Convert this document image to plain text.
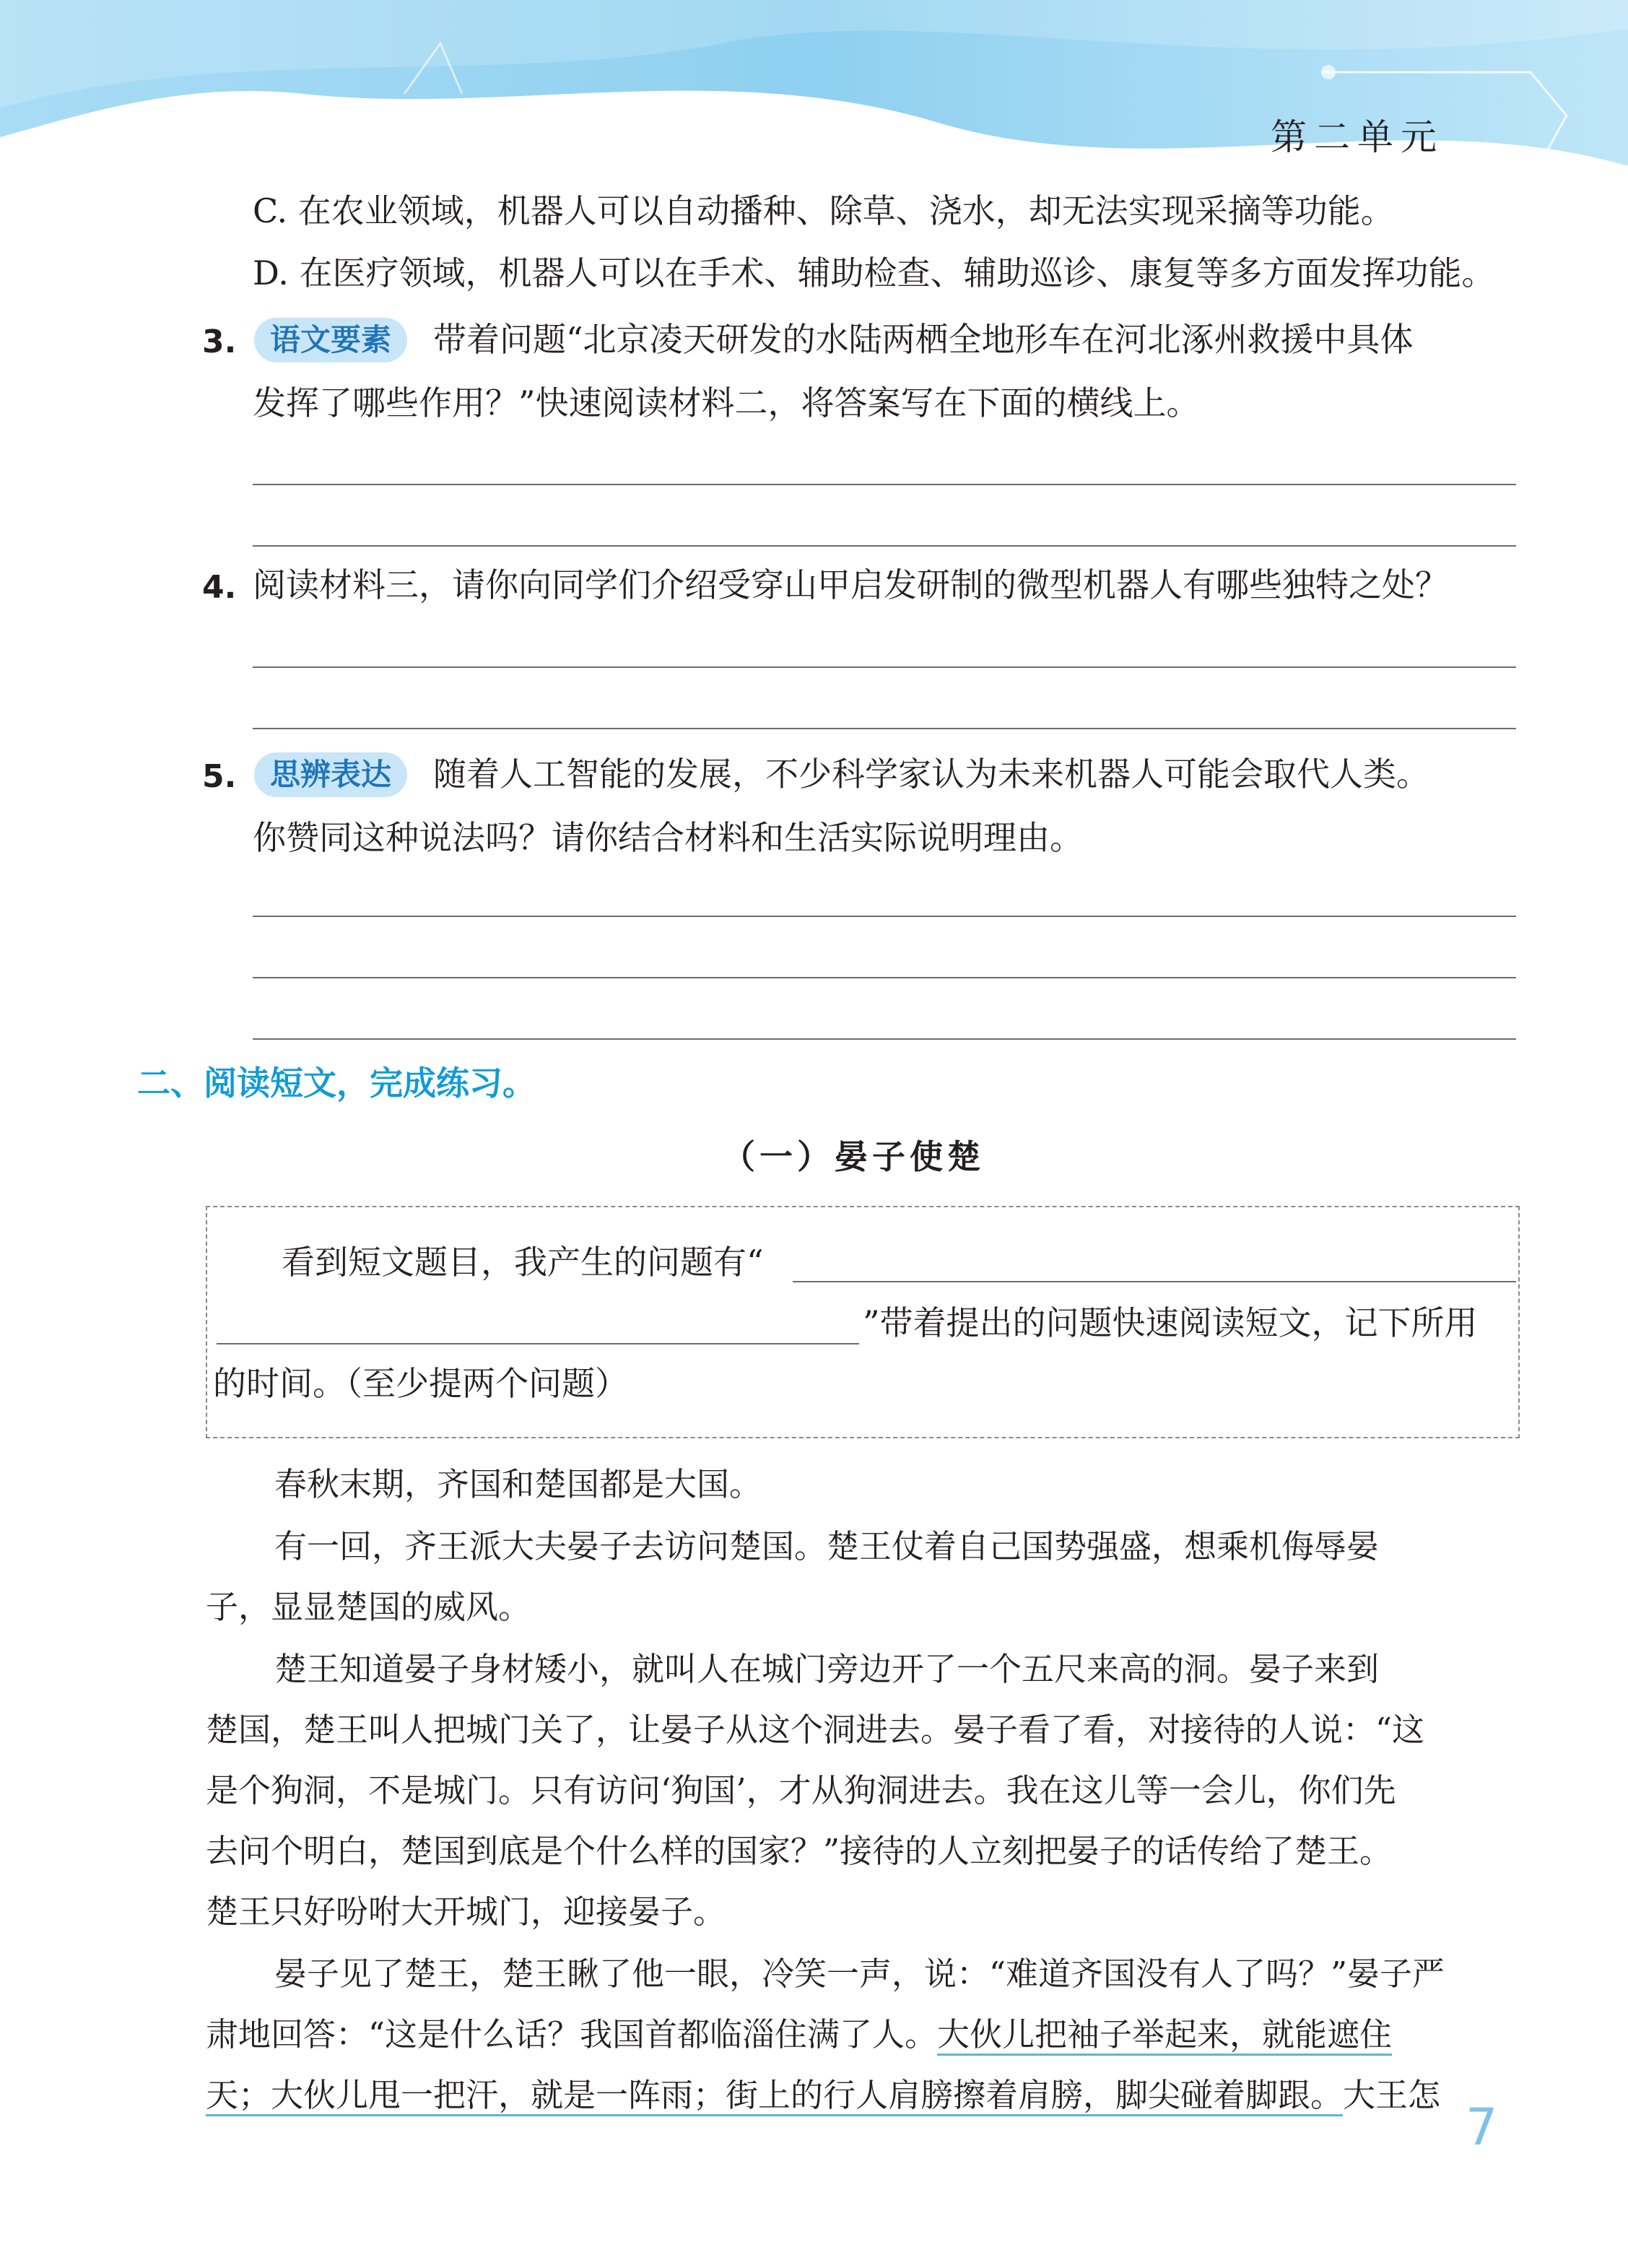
第二单元
C. 在农业领域，机器人可以自动播种、除草、浇水，却无法实现采摘等功能。
D. 在医疗领域，机器人可以在手术、辅助检查、辅助巡诊、康复等多方面发挥功能。
3.	语文要素	带着问题“北京凌天研发的水陆两栖全地形车在河北涿州救援中具体
发挥了哪些作用？”快速阅读材料二，将答案写在下面的横线上。
4. 阅读材料三，请你向同学们介绍受穿山甲启发研制的微型机器人有哪些独特之处？
5.	思辨表达	随着人工智能的发展，不少科学家认为未来机器人可能会取代人类。
你赞同这种说法吗？请你结合材料和生活实际说明理由。
二、阅读短文，完成练习。
（一）晏子使楚
看到短文题目，我产生的问题有“
”带着提出的问题快速阅读短文，记下所用
的时间。（至少提两个问题）
春秋末期，齐国和楚国都是大国。
有一回，齐王派大夫晏子去访问楚国。楚王仗着自己国势强盛，想乘机侮辱晏
子，显显楚国的威风。
楚王知道晏子身材矮小，就叫人在城门旁边开了一个五尺来高的洞。晏子来到
楚国，楚王叫人把城门关了，让晏子从这个洞进去。晏子看了看，对接待的人说：“这
是个狗洞，不是城门。只有访问‘狗国’，才从狗洞进去。我在这儿等一会儿，你们先
去问个明白，楚国到底是个什么样的国家？”接待的人立刻把晏子的话传给了楚王。
楚王只好吩咐大开城门，迎接晏子。
晏子见了楚王，楚王瞅了他一眼，冷笑一声，说：“难道齐国没有人了吗？”晏子严
肃地回答：“这是什么话？我国首都临淄住满了人。大伙儿把袖子举起来，就能遮住
天；大伙儿甩一把汗，就是一阵雨；街上的行人肩膀擦着肩膀，脚尖碰着脚跟。大王怎
7
